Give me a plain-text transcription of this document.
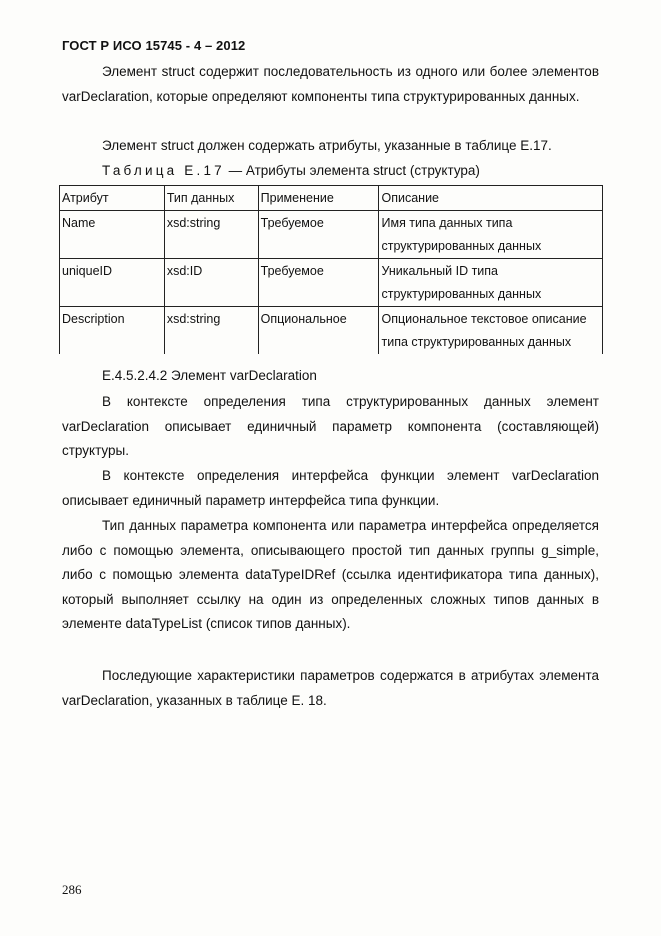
ГОСТ Р ИСО 15745 - 4 – 2012

Элемент struct содержит последовательность из одного или более элементов varDeclaration, которые определяют компоненты типа структурированных данных.

Элемент struct должен содержать атрибуты, указанные в таблице Е.17.

Таблица Е.17 — Атрибуты элемента struct (структура)
Атрибут	Тип данных	Применение	Описание
Name	xsd:string	Требуемое	Имя типа данных типа структурированных данных
uniqueID	xsd:ID	Требуемое	Уникальный ID типа структурированных данных
Description	xsd:string	Опциональное	Опциональное текстовое описание типа структурированных данных

Е.4.5.2.4.2 Элемент varDeclaration

В контексте определения типа структурированных данных элемент varDeclaration описывает единичный параметр компонента (составляющей) структуры.

В контексте определения интерфейса функции элемент varDeclaration описывает единичный параметр интерфейса типа функции.

Тип данных параметра компонента или параметра интерфейса определяется либо с помощью элемента, описывающего простой тип данных группы g_simple, либо с помощью элемента dataTypeIDRef (ссылка идентификатора типа данных), который выполняет ссылку на один из определенных сложных типов данных в элементе dataTypeList (список типов данных).

Последующие характеристики параметров содержатся в атрибутах элемента varDeclaration, указанных в таблице Е. 18.

286
